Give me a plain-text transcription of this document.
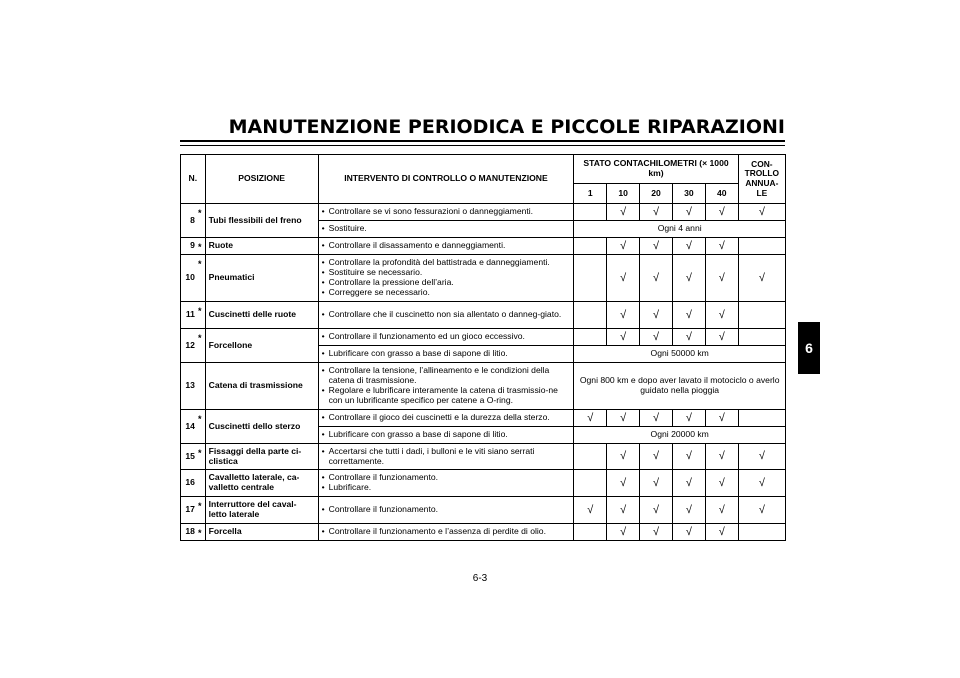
MANUTENZIONE PERIODICA E PICCOLE RIPARAZIONI
6
N.		POSIZIONE	INTERVENTO DI CONTROLLO O MANUTENZIONE	STATO CONTACHILOMETRI (× 1000 km)					CON-TROLLO ANNUA-LE
				1	10	20	30	40	
8	*	Tubi flessibili del freno	• Controllare se vi sono fessurazioni o danneggiamenti.		√	√	√	√	√

			• Sostituire.	Ogni 4 anni					
9	*	Ruote	• Controllare il disassamento e danneggiamenti.		√	√	√	√	
10	*	Pneumatici	• Controllare la profondità del battistrada e danneggiamenti.
• Sostituire se necessario.
• Controllare la pressione dell’aria.
• Correggere se necessario.		√	√	√	√	√
11	*	Cuscinetti delle ruote	• Controllare che il cuscinetto non sia allentato o danneg-giato.		√	√	√	√	
12	*	Forcellone	• Controllare il funzionamento ed un gioco eccessivo.		√	√	√	√	

			• Lubrificare con grasso a base di sapone di litio.	Ogni 50000 km					
13		Catena di trasmissione	• Controllare la tensione, l’allineamento e le condizioni della catena di trasmissione.
• Regolare e lubrificare interamente la catena di trasmissio-ne con un lubrificante specifico per catene a O-ring.	Ogni 800 km e dopo aver lavato il motociclo o averlo guidato nella pioggia					
14	*	Cuscinetti dello sterzo	• Controllare il gioco dei cuscinetti e la durezza della sterzo.	√	√	√	√	√	

			• Lubrificare con grasso a base di sapone di litio.	Ogni 20000 km					
15	*	Fissaggi della parte ci-clistica	• Accertarsi che tutti i dadi, i bulloni e le viti siano serrati correttamente.		√	√	√	√	√
16		Cavalletto laterale, ca-valletto centrale	• Controllare il funzionamento.
• Lubrificare.		√	√	√	√	√
17	*	Interruttore del caval-letto laterale	• Controllare il funzionamento.	√	√	√	√	√	√
18	*	Forcella	• Controllare il funzionamento e l’assenza di perdite di olio.		√	√	√	√	
6-3
